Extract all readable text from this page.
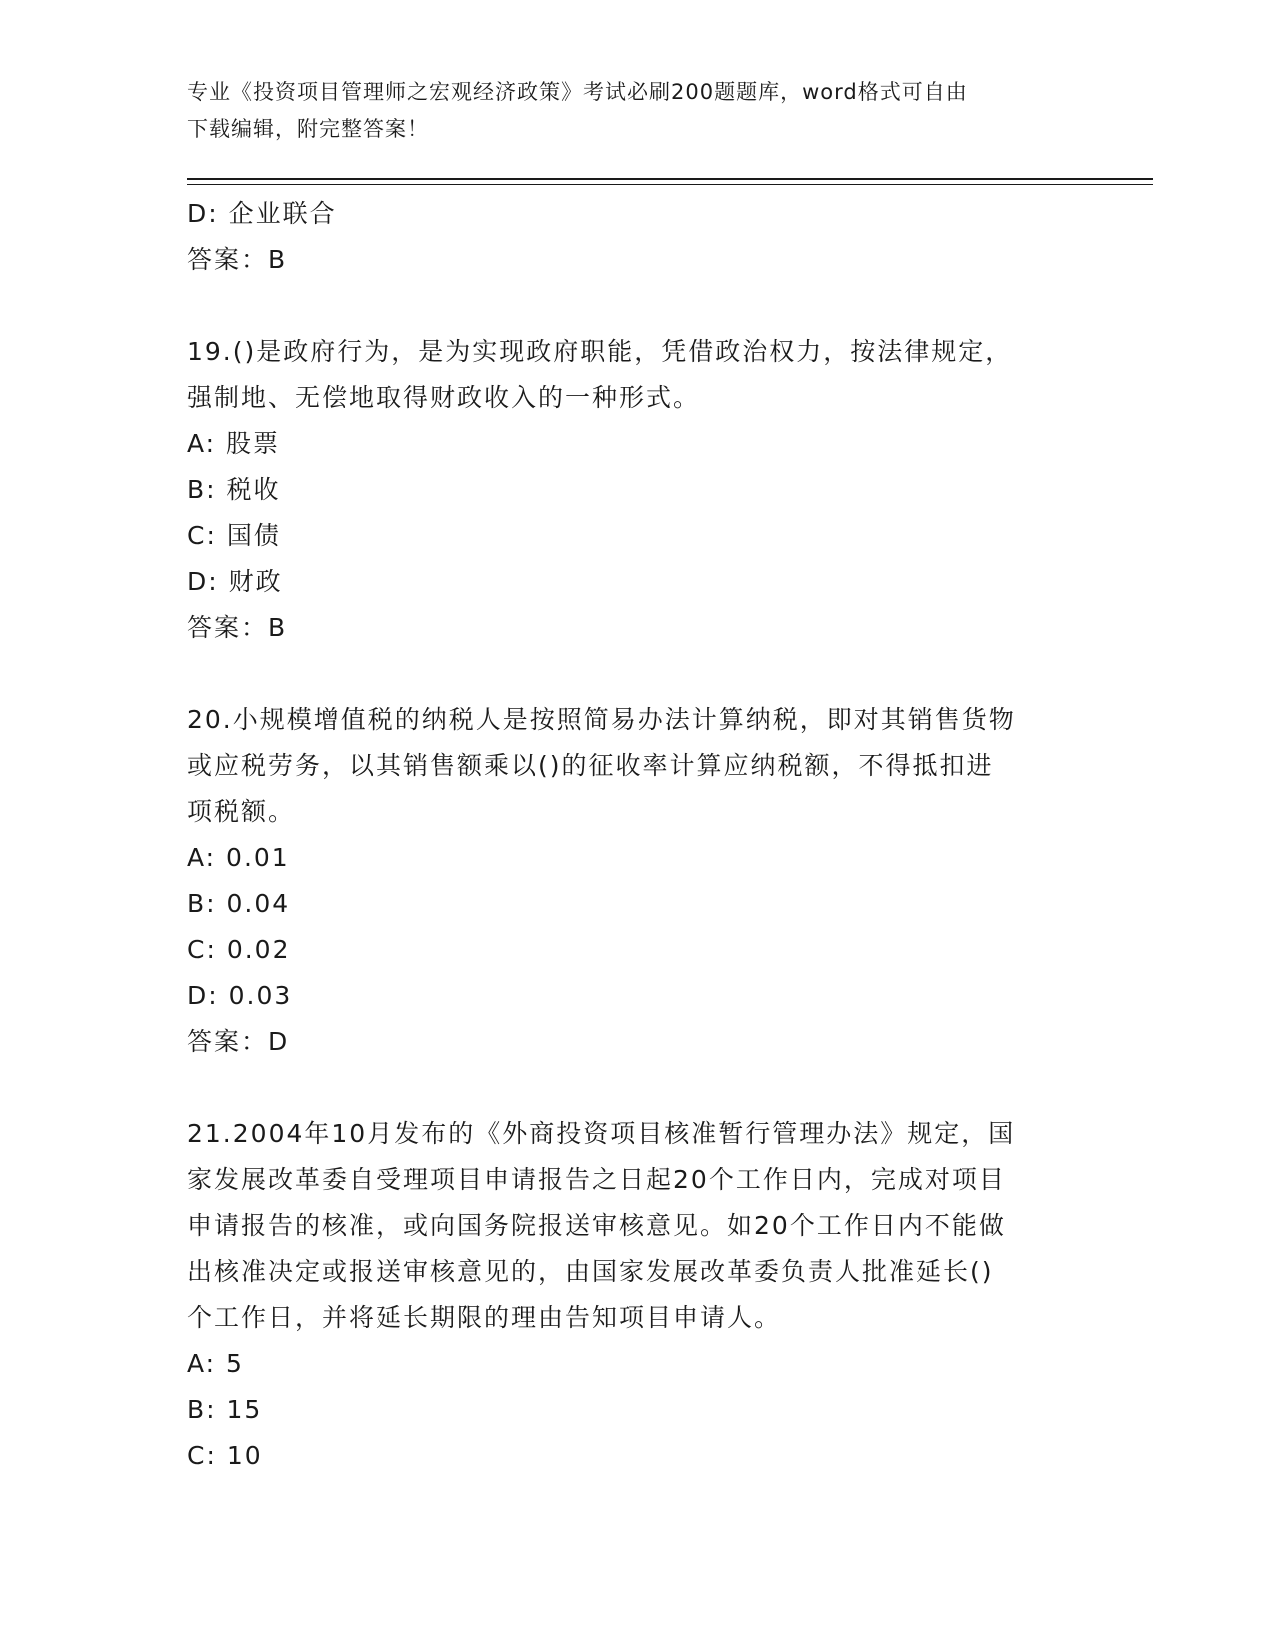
专业《投资项目管理师之宏观经济政策》考试必刷200题题库，word格式可自由
下载编辑，附完整答案！
D: 企业联合
答案：B
19.()是政府行为，是为实现政府职能，凭借政治权力，按法律规定，
强制地、无偿地取得财政收入的一种形式。
A: 股票
B: 税收
C: 国债
D: 财政
答案：B
20.小规模增值税的纳税人是按照简易办法计算纳税，即对其销售货物
或应税劳务，以其销售额乘以()的征收率计算应纳税额，不得抵扣进
项税额。
A: 0.01
B: 0.04
C: 0.02
D: 0.03
答案：D
21.2004年10月发布的《外商投资项目核准暂行管理办法》规定，国
家发展改革委自受理项目申请报告之日起20个工作日内，完成对项目
申请报告的核准，或向国务院报送审核意见。如20个工作日内不能做
出核准决定或报送审核意见的，由国家发展改革委负责人批准延长()
个工作日，并将延长期限的理由告知项目申请人。
A: 5
B: 15
C: 10
